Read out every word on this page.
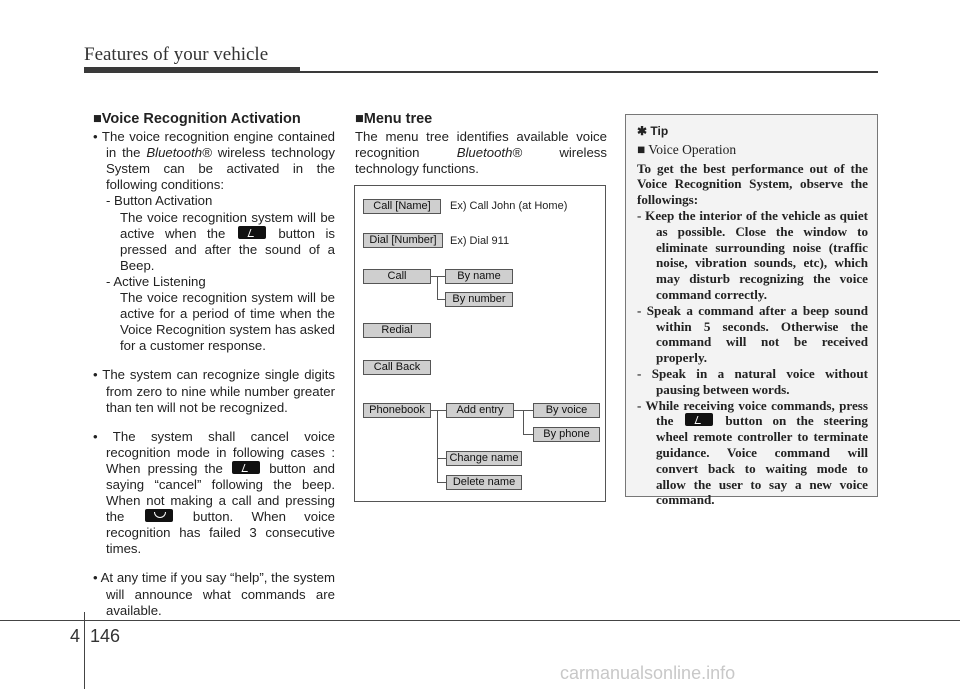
Features of your vehicle
■Voice Recognition Activation
• The voice recognition engine contained in the Bluetooth® wireless technology System can be activated in the following conditions:
- Button Activation
The voice recognition system will be active when the	button is pressed and after the sound of a Beep.
- Active Listening
The voice recognition system will be active for a period of time when the Voice Recognition system has asked for a customer response.
• The system can recognize single digits from zero to nine while number greater than ten will not be recognized.
• The system shall cancel voice recognition mode in following cases : When pressing the	button and saying “cancel” following the beep. When not making a call and pressing the	button. When voice recognition has failed 3 consecutive times.
• At any time if you say “help”, the system will announce what commands are available.
■Menu tree
The menu tree identifies available voice recognition	Bluetooth®	wireless technology functions.
Call [Name]	Ex) Call John (at Home)
Dial [Number]	Ex) Dial 911
Call	By name
By number
Redial
Call Back
Phonebook	Add entry	By voice
By phone
Change name
Delete name
✱ Tip
■ Voice Operation
To get the best performance out of the Voice Recognition System, observe the followings:
- Keep the interior of the vehicle as quiet as possible. Close the window to eliminate surrounding noise (traffic noise, vibration sounds, etc), which may disturb recognizing the voice command correctly.
- Speak a command after a beep sound within 5 seconds. Otherwise the command will not be received properly.
- Speak in a natural voice without pausing between words.
- While receiving voice commands, press the	button on the steering wheel remote controller to terminate guidance. Voice command will convert back to waiting mode to allow the user to say a new voice command.
4 146
carmanualsonline.info
